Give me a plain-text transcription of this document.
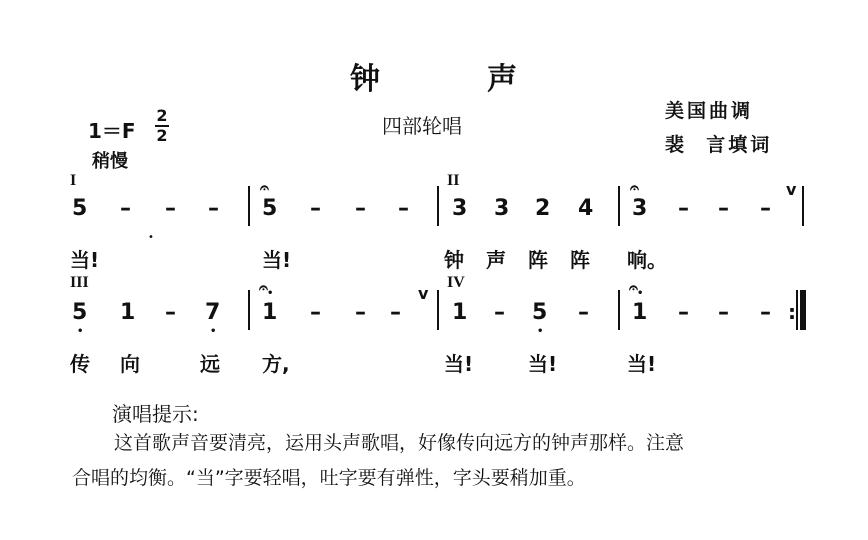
钟	声
1＝F
2
2
稍慢
四部轮唱
美国曲调
裴  言填词
I	II
5 – – –
𝄐
5 – – – 3 3 2 4
𝄐
3 – – –
v
当!
•
当!	钟 声 阵 阵 响。
III	IV
5 • 1 – 7 •
𝄐
• 1 – – –
v
1 – 5 • –
𝄐
• 1 – – – :
传 向	远 方,	当!	当!	当!
演唱提示:
这首歌声音要清亮，运用头声歌唱，好像传向远方的钟声那样。注意
合唱的均衡。“当”字要轻唱，吐字要有弹性，字头要稍加重。
